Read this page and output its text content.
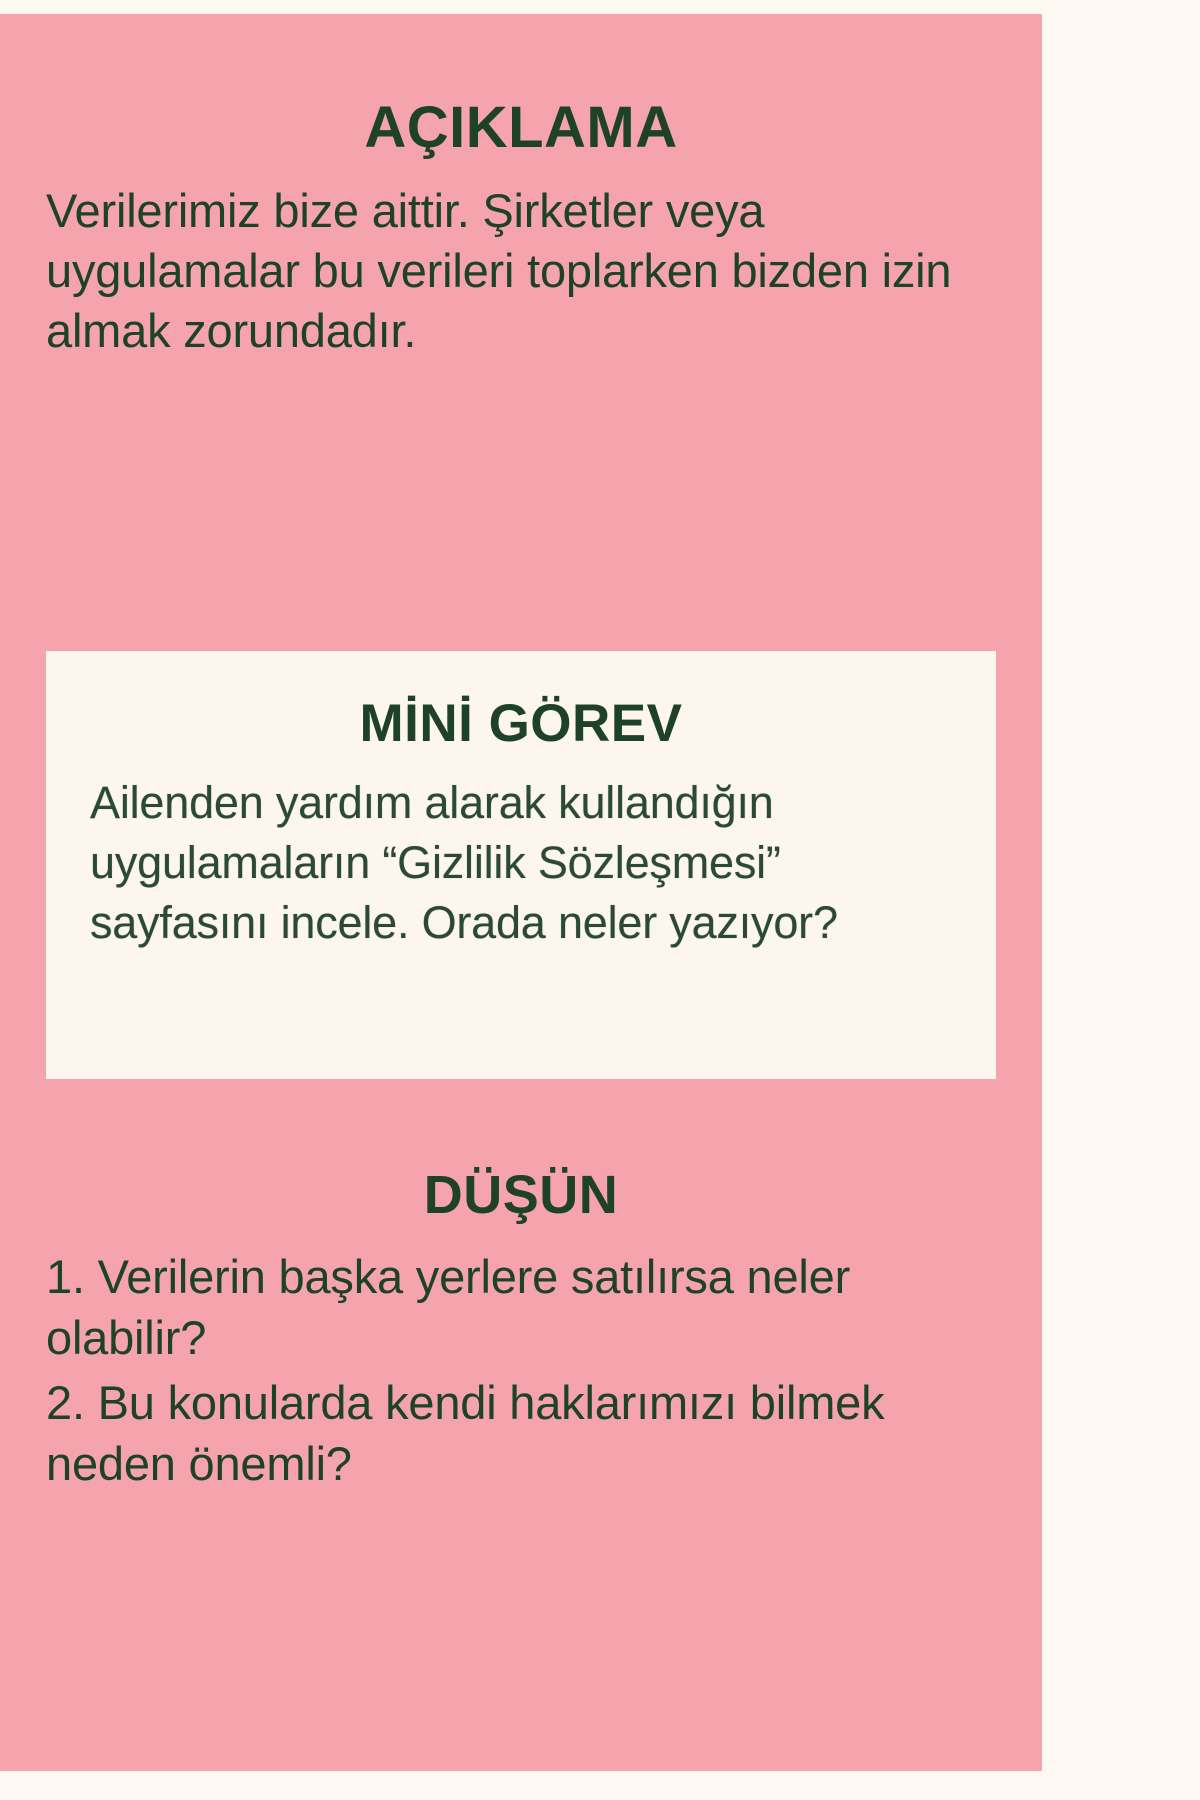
AÇIKLAMA
Verilerimiz bize aittir. Şirketler veya uygulamalar bu verileri toplarken bizden izin almak zorundadır.
MİNİ GÖREV
Ailenden yardım alarak kullandığın uygulamaların “Gizlilik Sözleşmesi” sayfasını incele. Orada neler yazıyor?
DÜŞÜN
1. Verilerin başka yerlere satılırsa neler olabilir?
2. Bu konularda kendi haklarımızı bilmek neden önemli?
